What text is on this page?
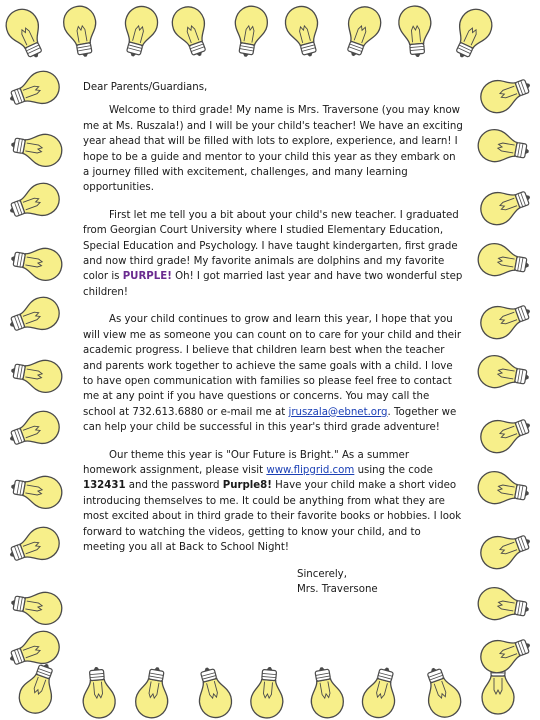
Dear Parents/Guardians,

Welcome to third grade! My name is Mrs. Traversone (you may know me at Ms. Ruszala!) and I will be your child's teacher! We have an exciting year ahead that will be filled with lots to explore, experience, and learn! I hope to be a guide and mentor to your child this year as they embark on a journey filled with excitement, challenges, and many learning opportunities.

First let me tell you a bit about your child's new teacher. I graduated from Georgian Court University where I studied Elementary Education, Special Education and Psychology. I have taught kindergarten, first grade and now third grade! My favorite animals are dolphins and my favorite color is PURPLE! Oh! I got married last year and have two wonderful step children!

As your child continues to grow and learn this year, I hope that you will view me as someone you can count on to care for your child and their academic progress. I believe that children learn best when the teacher and parents work together to achieve the same goals with a child. I love to have open communication with families so please feel free to contact me at any point if you have questions or concerns. You may call the school at 732.613.6880 or e-mail me at jruszala@ebnet.org. Together we can help your child be successful in this year's third grade adventure!

Our theme this year is "Our Future is Bright." As a summer homework assignment, please visit www.flipgrid.com using the code 132431 and the password Purple8! Have your child make a short video introducing themselves to me. It could be anything from what they are most excited about in third grade to their favorite books or hobbies. I look forward to watching the videos, getting to know your child, and to meeting you all at Back to School Night!

Sincerely,
Mrs. Traversone
